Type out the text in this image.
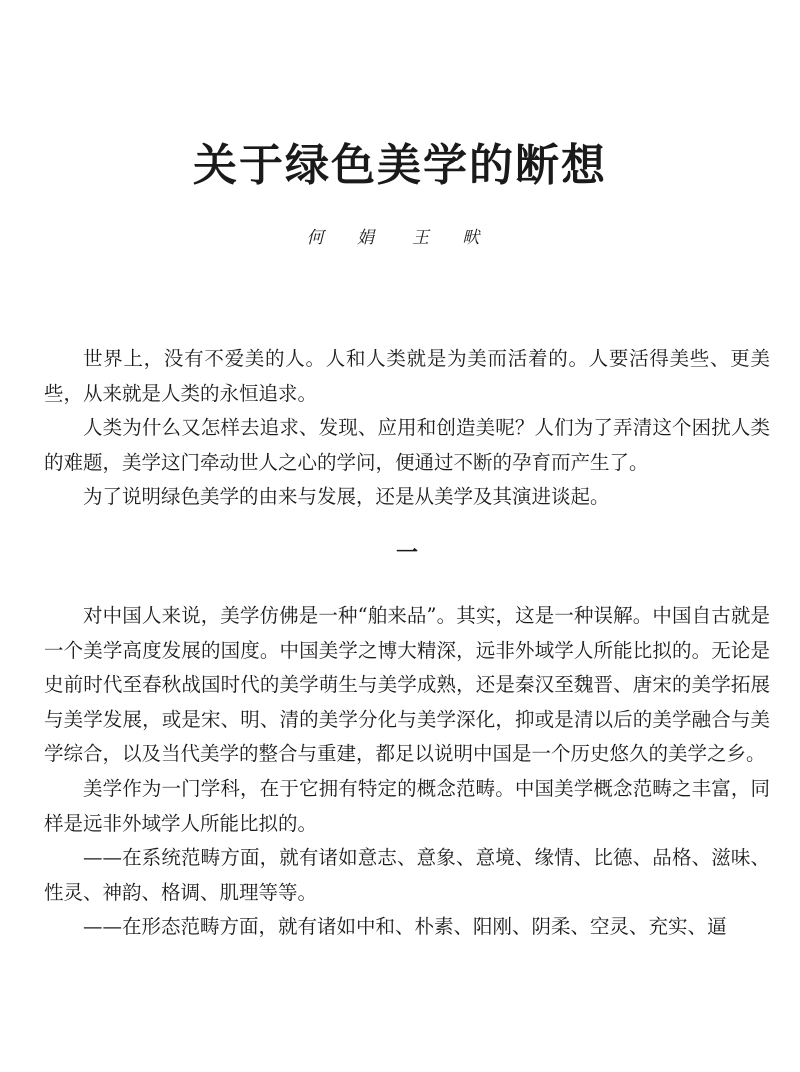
关于绿色美学的断想
何 娟 王 畎

世界上，没有不爱美的人。人和人类就是为美而活着的。人要活得美些、更美些，从来就是人类的永恒追求。

人类为什么又怎样去追求、发现、应用和创造美呢？人们为了弄清这个困扰人类的难题，美学这门牵动世人之心的学问，便通过不断的孕育而产生了。

为了说明绿色美学的由来与发展，还是从美学及其演进谈起。

一

对中国人来说，美学仿佛是一种“舶来品”。其实，这是一种误解。中国自古就是一个美学高度发展的国度。中国美学之博大精深，远非外域学人所能比拟的。无论是史前时代至春秋战国时代的美学萌生与美学成熟，还是秦汉至魏晋、唐宋的美学拓展与美学发展，或是宋、明、清的美学分化与美学深化，抑或是清以后的美学融合与美学综合，以及当代美学的整合与重建，都足以说明中国是一个历史悠久的美学之乡。

美学作为一门学科，在于它拥有特定的概念范畴。中国美学概念范畴之丰富，同样是远非外域学人所能比拟的。

——在系统范畴方面，就有诸如意志、意象、意境、缘情、比德、品格、滋味、性灵、神韵、格调、肌理等等。

——在形态范畴方面，就有诸如中和、朴素、阳刚、阴柔、空灵、充实、逼
